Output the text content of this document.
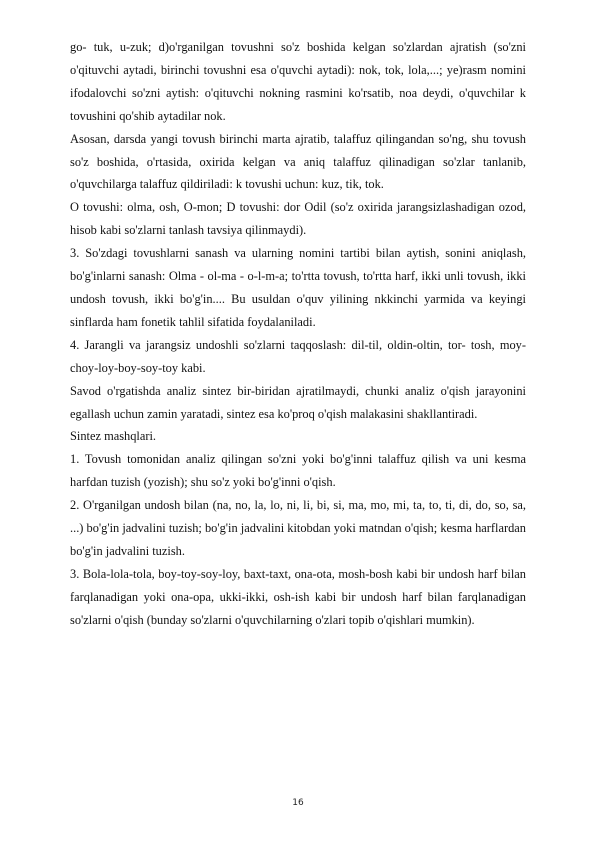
go- tuk, u-zuk; d)o'rganilgan tovushni so'z boshida kelgan so'zlardan ajratish (so'zni o'qituvchi aytadi, birinchi tovushni esa o'quvchi aytadi): nok, tok, lola,...; ye)rasm nomini ifodalovchi so'zni aytish: o'qituvchi nokning rasmini ko'rsatib, noa deydi, o'quvchilar k tovushini qo'shib aytadilar nok.

Asosan, darsda yangi tovush birinchi marta ajratib, talaffuz qilingandan so'ng, shu tovush so'z boshida, o'rtasida, oxirida kelgan va aniq talaffuz qilinadigan so'zlar tanlanib, o'quvchilarga talaffuz qildiriladi: k tovushi uchun: kuz, tik, tok.

O tovushi: olma, osh, O-mon; D tovushi: dor Odil (so'z oxirida jarangsizlashadigan ozod, hisob kabi so'zlarni tanlash tavsiya qilinmaydi).

3. So'zdagi tovushlarni sanash va ularning nomini tartibi bilan aytish, sonini aniqlash, bo'g'inlarni sanash: Olma - ol-ma - o-l-m-a; to'rtta tovush, to'rtta harf, ikki unli tovush, ikki undosh tovush, ikki bo'g'in.... Bu usuldan o'quv yilining nkkinchi yarmida va keyingi sinflarda ham fonetik tahlil sifatida foydalaniladi.

4. Jarangli va jarangsiz undoshli so'zlarni taqqoslash: dil-til, oldin-oltin, tor- tosh, moy-choy-loy-boy-soy-toy kabi.

Savod o'rgatishda analiz sintez bir-biridan ajratilmaydi, chunki analiz o'qish jarayonini egallash uchun zamin yaratadi, sintez esa ko'proq o'qish malakasini shakllantiradi.

Sintez mashqlari.

1. Tovush tomonidan analiz qilingan so'zni yoki bo'g'inni talaffuz qilish va uni kesma harfdan tuzish (yozish); shu so'z yoki bo'g'inni o'qish.

2. O'rganilgan undosh bilan (na, no, la, lo, ni, li, bi, si, ma, mo, mi, ta, to, ti, di, do, so, sa, ...) bo'g'in jadvalini tuzish; bo'g'in jadvalini kitobdan yoki matndan o'qish; kesma harflardan bo'g'in jadvalini tuzish.

3. Bola-lola-tola, boy-toy-soy-loy, baxt-taxt, ona-ota, mosh-bosh kabi bir undosh harf bilan farqlanadigan yoki ona-opa, ukki-ikki, osh-ish kabi bir undosh harf bilan farqlanadigan so'zlarni o'qish (bunday so'zlarni o'quvchilarning o'zlari topib o'qishlari mumkin).

16
